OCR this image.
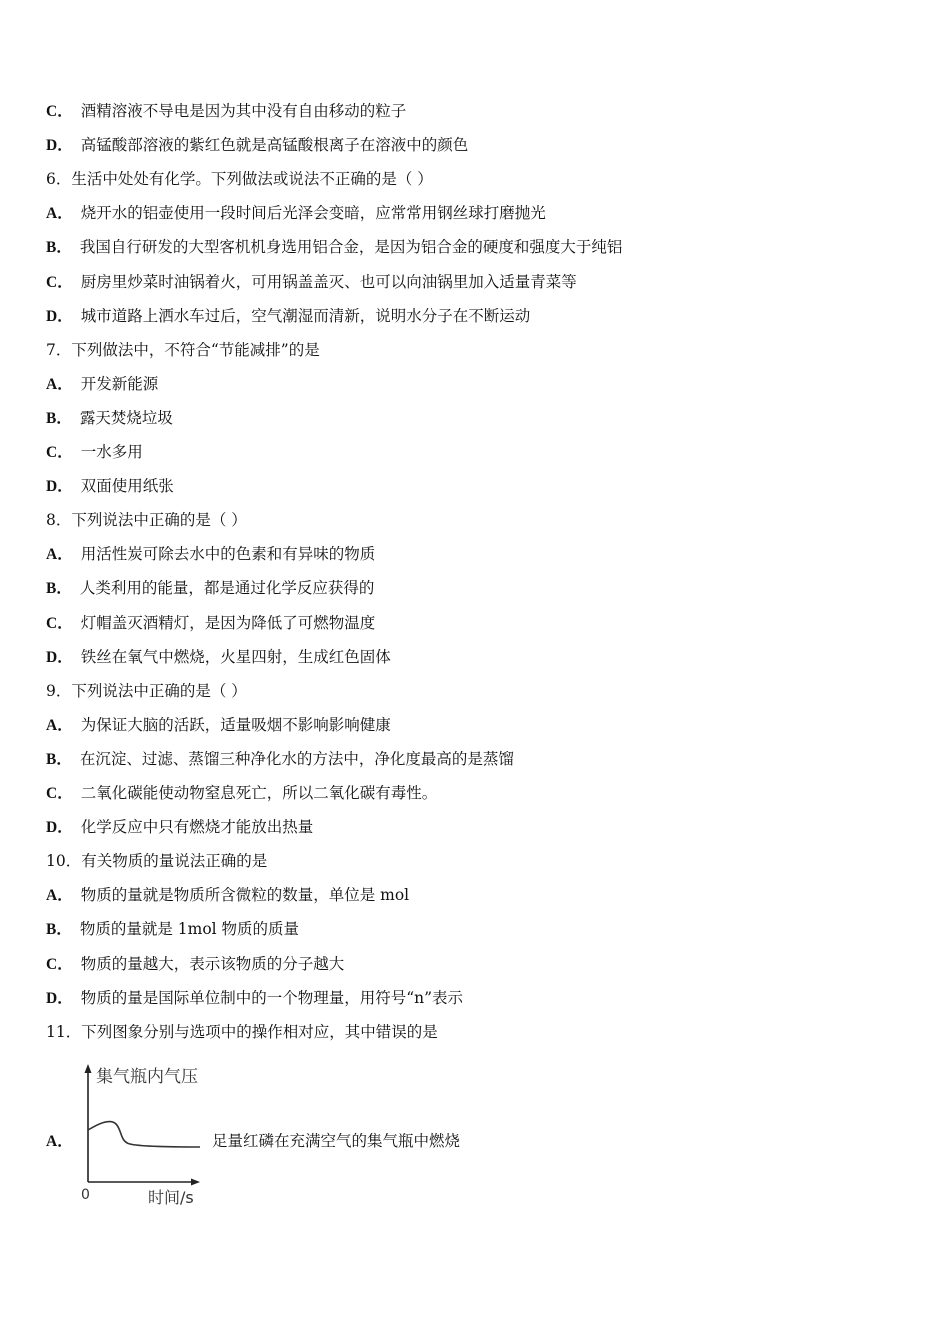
C． 酒精溶液不导电是因为其中没有自由移动的粒子
D． 高锰酸部溶液的紫红色就是高锰酸根离子在溶液中的颜色
6．生活中处处有化学。下列做法或说法不正确的是（ ）
A． 烧开水的铝壶使用一段时间后光泽会变暗，应常常用钢丝球打磨抛光
B． 我国自行研发的大型客机机身选用铝合金，是因为铝合金的硬度和强度大于纯铝
C． 厨房里炒菜时油锅着火，可用锅盖盖灭、也可以向油锅里加入适量青菜等
D． 城市道路上洒水车过后，空气潮湿而清新，说明水分子在不断运动
7．下列做法中，不符合“节能减排”的是
A． 开发新能源
B． 露天焚烧垃圾
C． 一水多用
D． 双面使用纸张
8．下列说法中正确的是（ ）
A． 用活性炭可除去水中的色素和有异味的物质
B． 人类利用的能量，都是通过化学反应获得的
C． 灯帽盖灭酒精灯，是因为降低了可燃物温度
D． 铁丝在氧气中燃烧，火星四射，生成红色固体
9．下列说法中正确的是（ ）
A． 为保证大脑的活跃，适量吸烟不影响影响健康
B． 在沉淀、过滤、蒸馏三种净化水的方法中，净化度最高的是蒸馏
C． 二氧化碳能使动物窒息死亡，所以二氧化碳有毒性。
D． 化学反应中只有燃烧才能放出热量
10．有关物质的量说法正确的是
A． 物质的量就是物质所含微粒的数量，单位是 mol
B． 物质的量就是 1mol 物质的质量
C． 物质的量越大，表示该物质的分子越大
D． 物质的量是国际单位制中的一个物理量，用符号“n”表示
11．下列图象分别与选项中的操作相对应，其中错误的是
A．
集气瓶内气压
0	时间/s
足量红磷在充满空气的集气瓶中燃烧
